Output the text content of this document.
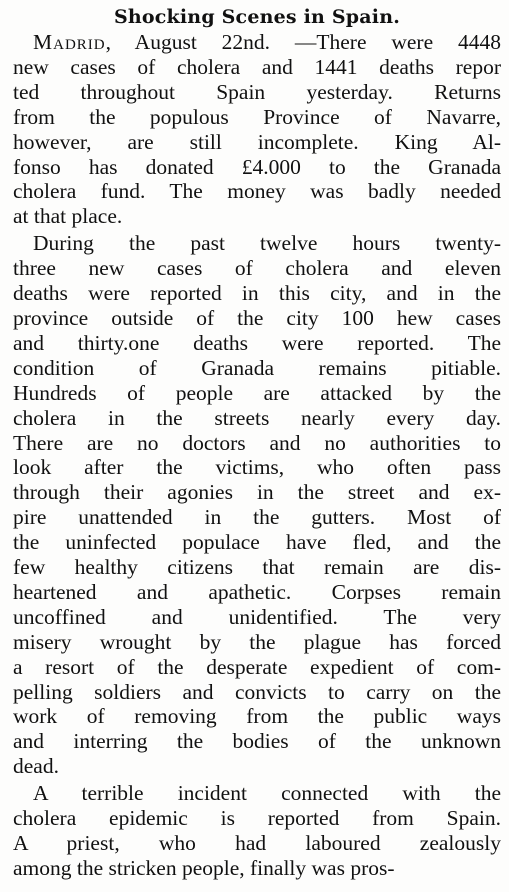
Shocking Scenes in Spain.
Madrid, August 22nd. —There were 4448
new cases of cholera and 1441 deaths repor
ted throughout Spain yesterday. Returns
from the populous Province of Navarre,
however, are still incomplete. King Al-
fonso has donated £4.000 to the Granada
cholera fund. The money was badly needed
at that place.
During the past twelve hours twenty-
three new cases of cholera and eleven
deaths were reported in this city, and in the
province outside of the city 100 hew cases
and thirty.one deaths were reported. The
condition of Granada remains pitiable.
Hundreds of people are attacked by the
cholera in the streets nearly every day.
There are no doctors and no authorities to
look after the victims, who often pass
through their agonies in the street and ex-
pire unattended in the gutters. Most of
the uninfected populace have fled, and the
few healthy citizens that remain are dis-
heartened and apathetic. Corpses remain
uncoffined and unidentified. The very
misery wrought by the plague has forced
a resort of the desperate expedient of com-
pelling soldiers and convicts to carry on the
work of removing from the public ways
and interring the bodies of the unknown
dead.
A terrible incident connected with the
cholera epidemic is reported from Spain.
A priest, who had laboured zealously
among the stricken people, finally was pros-
